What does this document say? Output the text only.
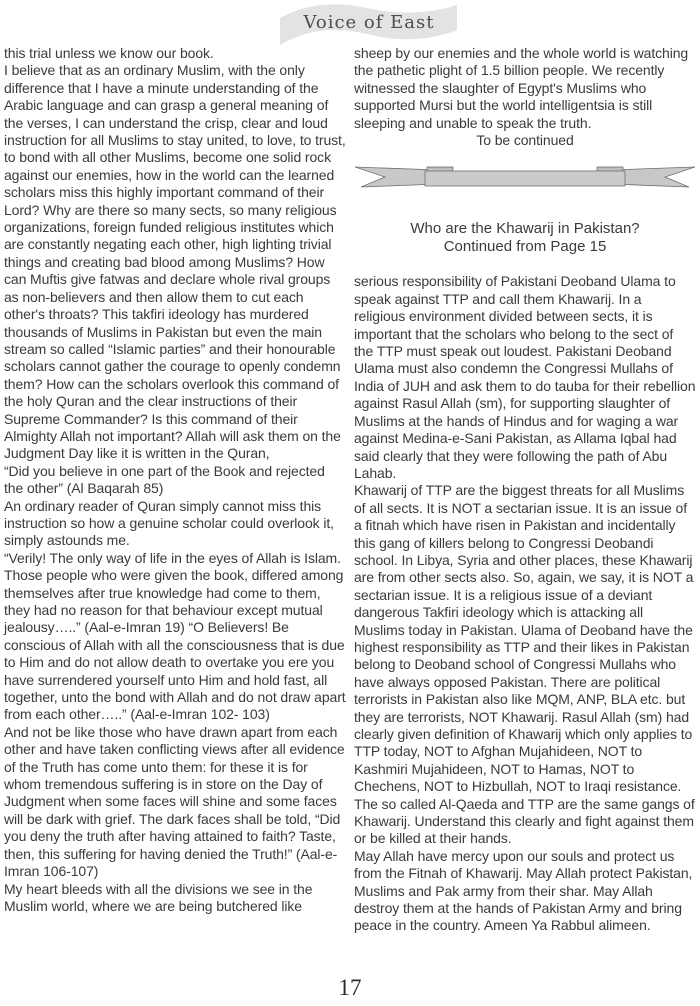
Voice of East

this trial unless we know our book.

I believe that as an ordinary Muslim, with the only difference that I have a minute understanding of the Arabic language and can grasp a general meaning of the verses, I can understand the crisp, clear and loud instruction for all Muslims to stay united, to love, to trust, to bond with all other Muslims, become one solid rock against our enemies, how in the world can the learned scholars miss this highly important command of their Lord? Why are there so many sects, so many religious organizations, foreign funded religious institutes which are constantly negating each other, high lighting trivial things and creating bad blood among Muslims? How can Muftis give fatwas and declare whole rival groups as non-believers and then allow them to cut each other's throats? This takfiri ideology has murdered thousands of Muslims in Pakistan but even the main stream so called “Islamic parties” and their honourable scholars cannot gather the courage to openly condemn them? How can the scholars overlook this command of the holy Quran and the clear instructions of their Supreme Commander? Is this command of their Almighty Allah not important? Allah will ask them on the Judgment Day like it is written in the Quran,

“Did you believe in one part of the Book and rejected the other” (Al Baqarah 85)

An ordinary reader of Quran simply cannot miss this instruction so how a genuine scholar could overlook it, simply astounds me.

“Verily! The only way of life in the eyes of Allah is Islam. Those people who were given the book, differed among themselves after true knowledge had come to them, they had no reason for that behaviour except mutual jealousy…..” (Aal-e-Imran 19) “O Believers! Be conscious of Allah with all the consciousness that is due to Him and do not allow death to overtake you ere you have surrendered yourself unto Him and hold fast, all together, unto the bond with Allah and do not draw apart from each other…..” (Aal-e-Imran 102- 103)

And not be like those who have drawn apart from each other and have taken conflicting views after all evidence of the Truth has come unto them: for these it is for whom tremendous suffering is in store on the Day of Judgment when some faces will shine and some faces will be dark with grief. The dark faces shall be told, “Did you deny the truth after having attained to faith? Taste, then, this suffering for having denied the Truth!” (Aal-e-Imran 106-107)

My heart bleeds with all the divisions we see in the Muslim world, where we are being butchered like

sheep by our enemies and the whole world is watching the pathetic plight of 1.5 billion people. We recently witnessed the slaughter of Egypt's Muslims who supported Mursi but the world intelligentsia is still sleeping and unable to speak the truth.

To be continued

Who are the Khawarij in Pakistan?
Continued from Page 15

serious responsibility of Pakistani Deoband Ulama to speak against TTP and call them Khawarij. In a religious environment divided between sects, it is important that the scholars who belong to the sect of the TTP must speak out loudest. Pakistani Deoband Ulama must also condemn the Congressi Mullahs of India of JUH and ask them to do tauba for their rebellion against Rasul Allah (sm), for supporting slaughter of Muslims at the hands of Hindus and for waging a war against Medina-e-Sani Pakistan, as Allama Iqbal had said clearly that they were following the path of Abu Lahab.

Khawarij of TTP are the biggest threats for all Muslims of all sects. It is NOT a sectarian issue. It is an issue of a fitnah which have risen in Pakistan and incidentally this gang of killers belong to Congressi Deobandi school. In Libya, Syria and other places, these Khawarij are from other sects also. So, again, we say, it is NOT a sectarian issue. It is a religious issue of a deviant dangerous Takfiri ideology which is attacking all Muslims today in Pakistan. Ulama of Deoband have the highest responsibility as TTP and their likes in Pakistan belong to Deoband school of Congressi Mullahs who have always opposed Pakistan. There are political terrorists in Pakistan also like MQM, ANP, BLA etc. but they are terrorists, NOT Khawarij. Rasul Allah (sm) had clearly given definition of Khawarij which only applies to TTP today, NOT to Afghan Mujahideen, NOT to Kashmiri Mujahideen, NOT to Hamas, NOT to Chechens, NOT to Hizbullah, NOT to Iraqi resistance. The so called Al-Qaeda and TTP are the same gangs of Khawarij. Understand this clearly and fight against them or be killed at their hands.

May Allah have mercy upon our souls and protect us from the Fitnah of Khawarij. May Allah protect Pakistan, Muslims and Pak army from their shar. May Allah destroy them at the hands of Pakistan Army and bring peace in the country. Ameen Ya Rabbul alimeen.

17
